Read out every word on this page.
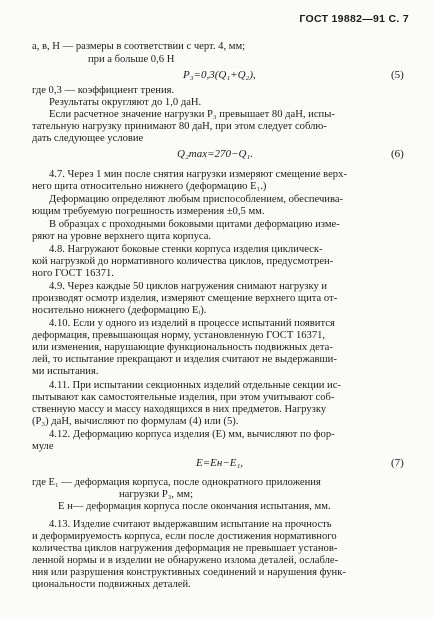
ГОСТ 19882—91 С. 7
а, в, Н — размеры в соответствии с черт. 4, мм;
при а больше 0,6 Н
P₃=0,3(Q₁+Q₂),	(5)
где 0,3 — коэффициент трения.
Результаты округляют до 1,0 даН.
Если расчетное значение нагрузки P₃ превышает 80 даН, испы-
тательную нагрузку принимают 80 даН, при этом следует соблю-
дать следующее условие
Q₂max=270−Q₁.	(6)
4.7. Через 1 мин после снятия нагрузки измеряют смещение верх-
него щита относительно нижнего (деформацию E₁.)
Деформацию определяют любым приспособлением, обеспечива-
ющим требуемую погрешность измерения ±0,5 мм.
В образцах с проходными боковыми щитами деформацию изме-
ряют на уровне верхнего щита корпуса.
4.8. Нагружают боковые стенки корпуса изделия циклическ-
кой нагрузкой до нормативного количества циклов, предусмотрен-
ного ГОСТ 16371.
4.9. Через каждые 50 циклов нагружения снимают нагрузку и
производят осмотр изделия, измеряют смещение верхнего щита от-
носительно нижнего (деформацию Eᵢ).
4.10. Если у одного из изделий в процессе испытаний появится
деформация, превышающая норму, установленную ГОСТ 16371,
или изменения, нарушающие функциональность подвижных дета-
лей, то испытание прекращают и изделия считают не выдержавши-
ми испытания.
4.11. При испытании секционных изделий отдельные секции ис-
пытывают как самостоятельные изделия, при этом учитывают соб-
ственную массу и массу находящихся в них предметов. Нагрузку
(P₃) даН, вычисляют по формулам (4) или (5).
4.12. Деформацию корпуса изделия (E) мм, вычисляют по фор-
муле
E=Eн−E₁,	(7)
где E₁ — деформация корпуса, после однократного приложения
нагрузки P₃, мм;
E н— деформация корпуса после окончания испытания, мм.
4.13. Изделие считают выдержавшим испытание на прочность
и деформируемость корпуса, если после достижения нормативного
количества циклов нагружения деформация не превышает установ-
ленной нормы и в изделии не обнаружено излома деталей, ослабле-
ния или разрушения конструктивных соединений и нарушения функ-
циональности подвижных деталей.
